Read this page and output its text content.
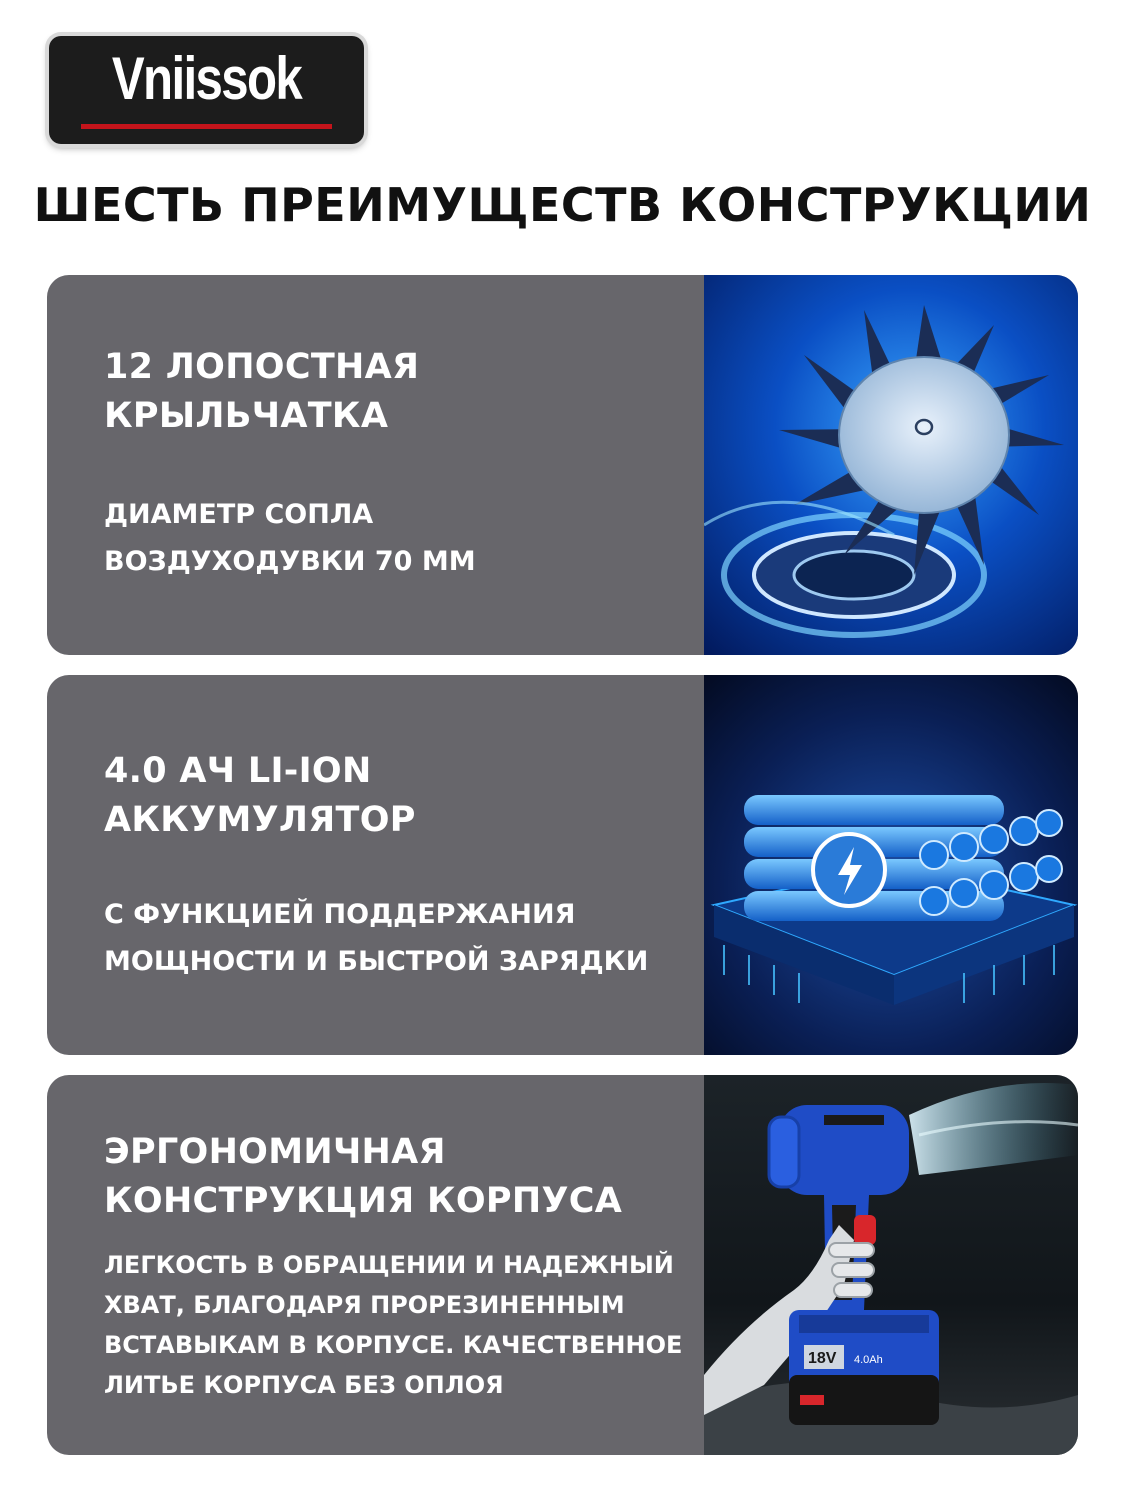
Vniissok
ШЕСТЬ ПРЕИМУЩЕСТВ КОНСТРУКЦИИ
12 ЛОПОСТНАЯ
КРЫЛЬЧАТКА

ДИАМЕТР СОПЛА
ВОЗДУХОДУВКИ 70 ММ

4.0 АЧ LI-ION
АККУМУЛЯТОР

С ФУНКЦИЕЙ ПОДДЕРЖАНИЯ
МОЩНОСТИ И БЫСТРОЙ ЗАРЯДКИ

ЭРГОНОМИЧНАЯ
КОНСТРУКЦИЯ КОРПУСА

ЛЕГКОСТЬ В ОБРАЩЕНИИ И НАДЕЖНЫЙ
ХВАТ, БЛАГОДАРЯ ПРОРЕЗИНЕННЫМ
ВСТАВЫКАМ В КОРПУСЕ. КАЧЕСТВЕННОЕ
ЛИТЬЕ КОРПУСА БЕЗ ОПЛОЯ

18V 4.0Ah
